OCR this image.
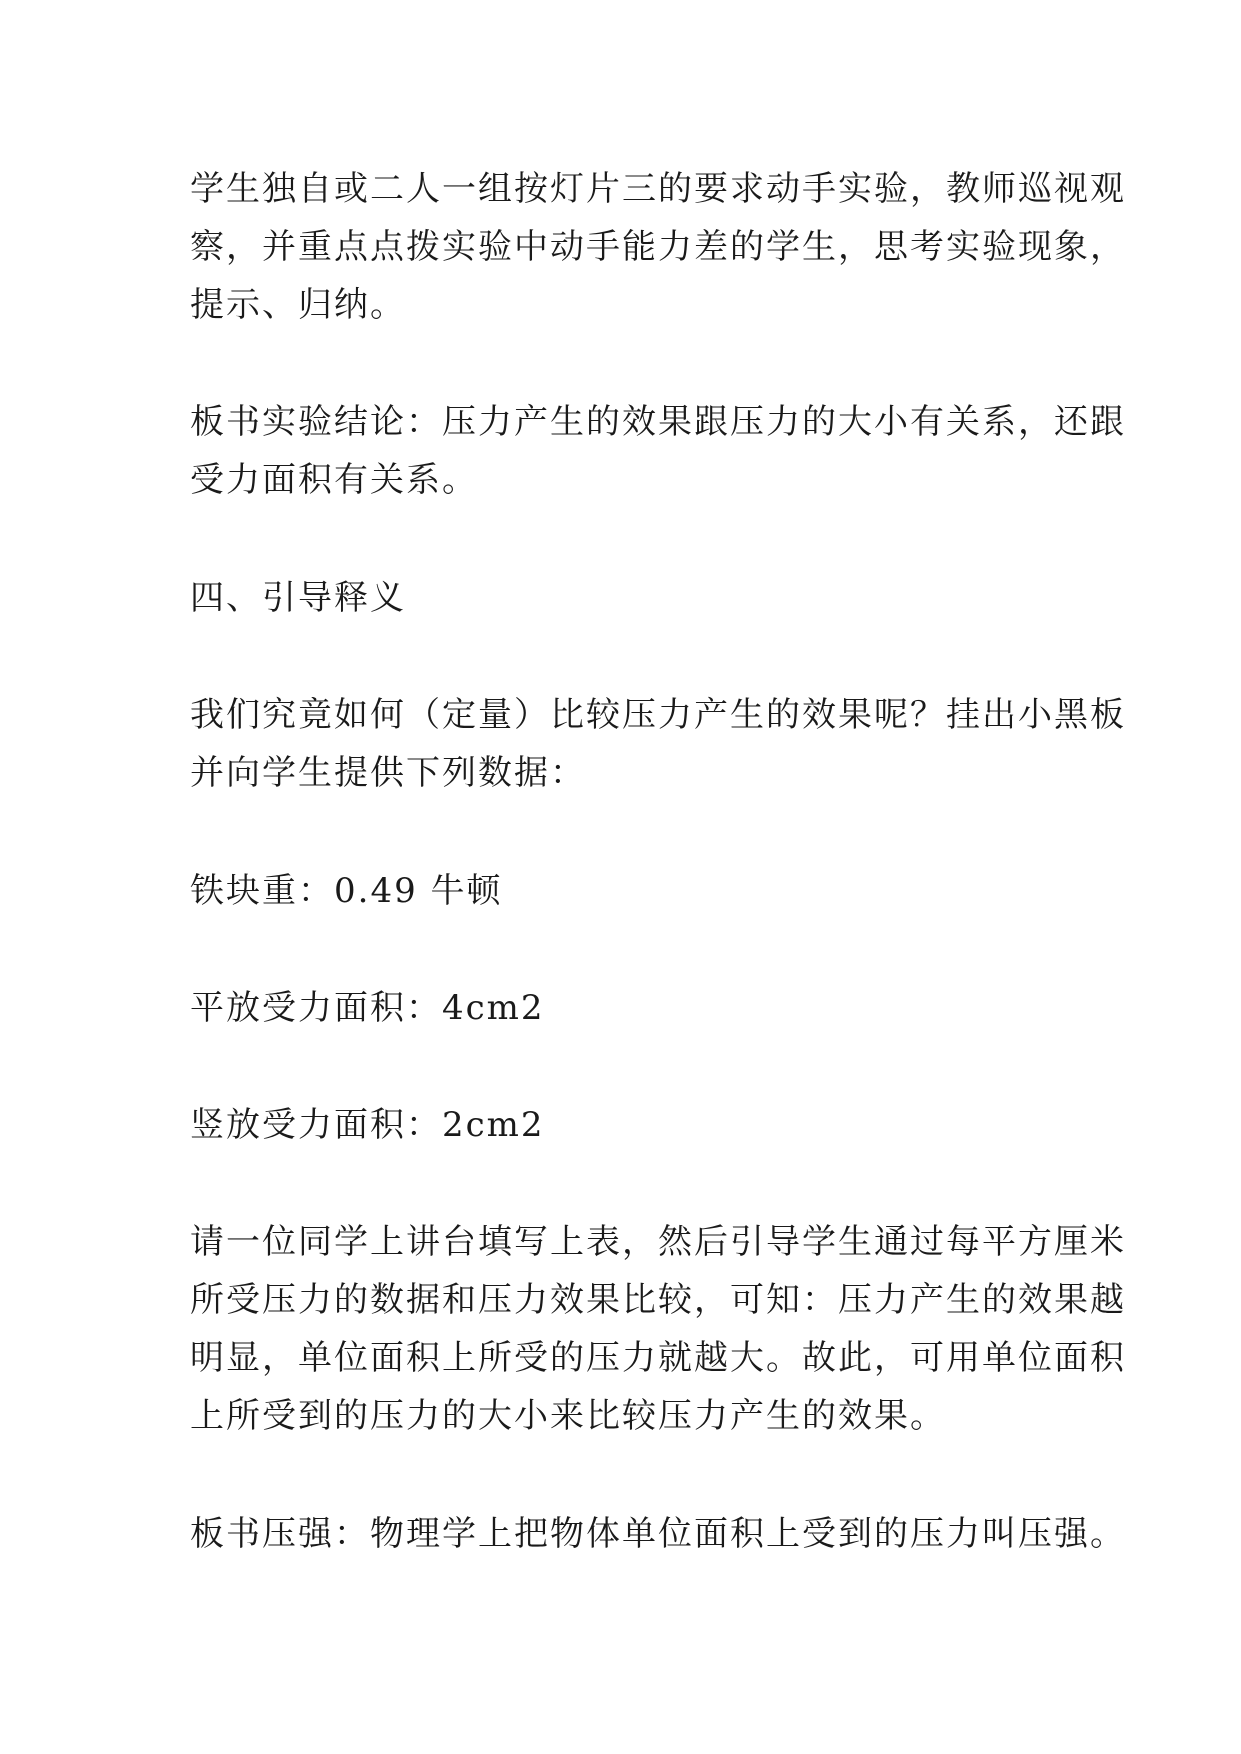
学生独自或二人一组按灯片三的要求动手实验，教师巡视观
察，并重点点拨实验中动手能力差的学生，思考实验现象，
提示、归纳。

板书实验结论：压力产生的效果跟压力的大小有关系，还跟
受力面积有关系。

四、引导释义

我们究竟如何（定量）比较压力产生的效果呢？挂出小黑板
并向学生提供下列数据：

铁块重：0.49 牛顿

平放受力面积：4cm2

竖放受力面积：2cm2

请一位同学上讲台填写上表，然后引导学生通过每平方厘米
所受压力的数据和压力效果比较，可知：压力产生的效果越
明显，单位面积上所受的压力就越大。故此，可用单位面积
上所受到的压力的大小来比较压力产生的效果。

板书压强：物理学上把物体单位面积上受到的压力叫压强。
